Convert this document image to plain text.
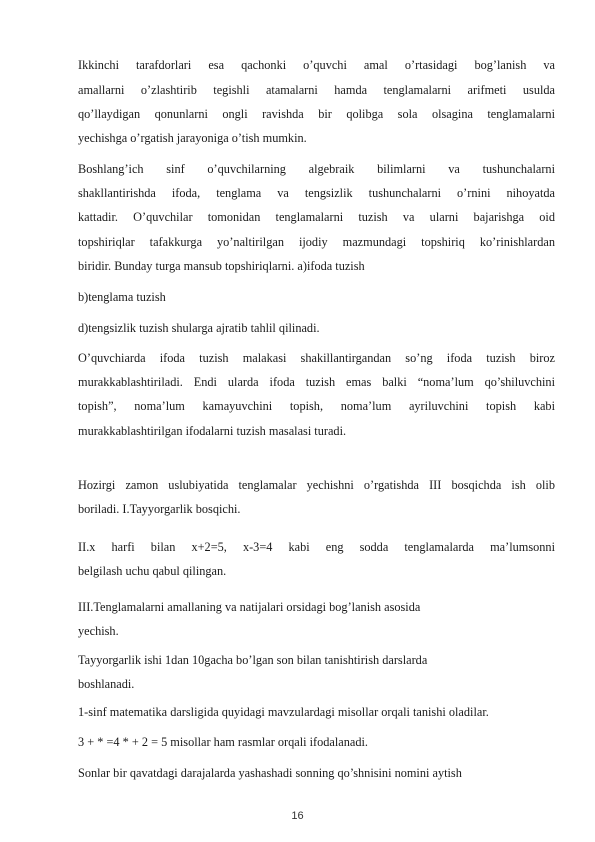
Ikkinchi tarafdorlari esa qachonki o’quvchi amal o’rtasidagi bog’lanish va
amallarni o’zlashtirib tegishli atamalarni hamda tenglamalarni arifmeti usulda
qo’llaydigan qonunlarni ongli ravishda bir qolibga sola olsagina tenglamalarni
yechishga o’rgatish jarayoniga o’tish mumkin.
Boshlang’ich sinf o’quvchilarning algebraik bilimlarni va tushunchalarni
shakllantirishda ifoda, tenglama va tengsizlik tushunchalarni o’rnini nihoyatda
kattadir. O’quvchilar tomonidan tenglamalarni tuzish va ularni bajarishga oid
topshiriqlar tafakkurga yo’naltirilgan ijodiy mazmundagi topshiriq ko’rinishlardan
biridir. Bunday turga mansub topshiriqlarni. a)ifoda tuzish
b)tenglama tuzish
d)tengsizlik tuzish shularga ajratib tahlil qilinadi.
O’quvchiarda ifoda tuzish malakasi shakillantirgandan so’ng ifoda tuzish biroz
murakkablashtiriladi. Endi ularda ifoda tuzish emas balki “noma’lum qo’shiluvchini
topish”, noma’lum kamayuvchini topish, noma’lum ayriluvchini topish kabi
murakkablashtirilgan ifodalarni tuzish masalasi turadi.
Hozirgi zamon uslubiyatida tenglamalar yechishni o’rgatishda III bosqichda ish olib
boriladi. I.Tayyorgarlik bosqichi.
II.x harfi bilan x+2=5, x-3=4 kabi eng sodda tenglamalarda ma’lumsonni
belgilash uchu qabul qilingan.
III.Tenglamalarni amallaning va natijalari orsidagi bog’lanish asosida
yechish.
Tayyorgarlik ishi 1dan 10gacha bo’lgan son bilan tanishtirish darslarda
boshlanadi.
1-sinf matematika darsligida quyidagi mavzulardagi misollar orqali tanishi oladilar.
3 + * =4 * + 2 = 5 misollar ham rasmlar orqali ifodalanadi.
Sonlar bir qavatdagi darajalarda yashashadi sonning qo’shnisini nomini aytish
16
